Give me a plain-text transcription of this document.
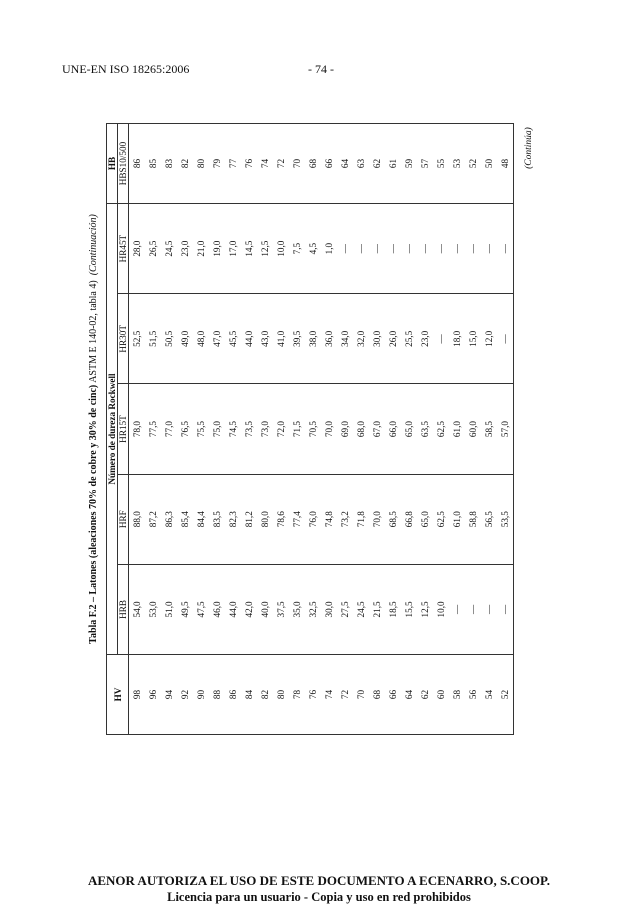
UNE-EN ISO 18265:2006	- 74 -
Tabla F.2 – Latones (aleaciones 70% de cobre y 30% de cinc) ASTM E 140-02, tabla 4)  (Continuación)
HV	Número de dureza Rockwell					HB
	HRB	HRF	HR15T	HR30T	HR45T	HBS10/500
98	54,0	88,0	78,0	52,5	28,0	86
96	53,0	87,2	77,5	51,5	26,5	85
94	51,0	86,3	77,0	50,5	24,5	83
92	49,5	85,4	76,5	49,0	23,0	82
90	47,5	84,4	75,5	48,0	21,0	80
88	46,0	83,5	75,0	47,0	19,0	79
86	44,0	82,3	74,5	45,5	17,0	77
84	42,0	81,2	73,5	44,0	14,5	76
82	40,0	80,0	73,0	43,0	12,5	74
80	37,5	78,6	72,0	41,0	10,0	72
78	35,0	77,4	71,5	39,5	7,5	70
76	32,5	76,0	70,5	38,0	4,5	68
74	30,0	74,8	70,0	36,0	1,0	66
72	27,5	73,2	69,0	34,0	—	64
70	24,5	71,8	68,0	32,0	—	63
68	21,5	70,0	67,0	30,0	—	62
66	18,5	68,5	66,0	26,0	—	61
64	15,5	66,8	65,0	25,5	—	59
62	12,5	65,0	63,5	23,0	—	57
60	10,0	62,5	62,5	—	—	55
58	—	61,0	61,0	18,0	—	53
56	—	58,8	60,0	15,0	—	52
54	—	56,5	58,5	12,0	—	50
52	—	53,5	57,0	—	—	48 (Continúa)
AENOR AUTORIZA EL USO DE ESTE DOCUMENTO A ECENARRO, S.COOP.
Licencia para un usuario - Copia y uso en red prohibidos
